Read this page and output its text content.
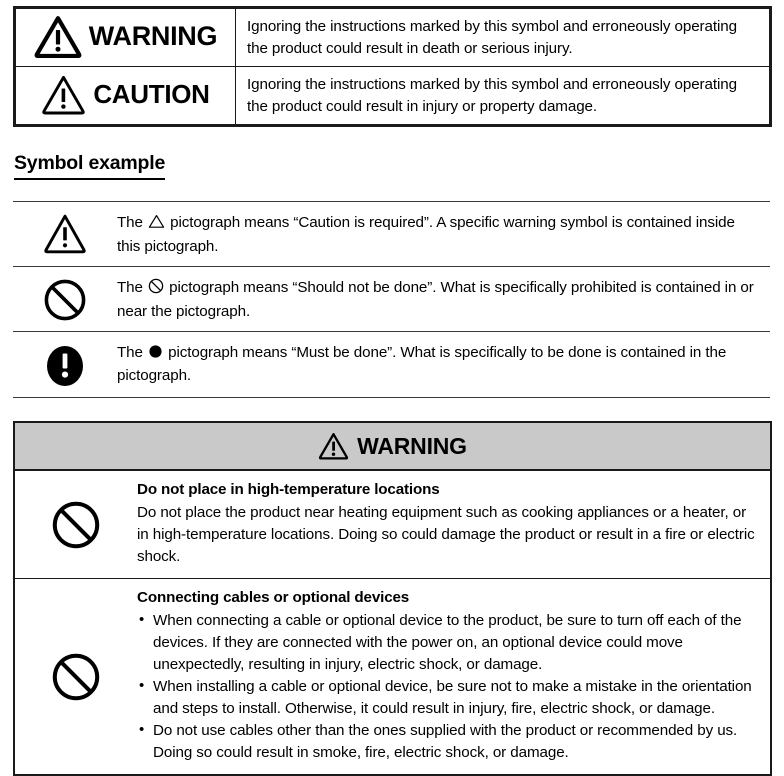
WARNING	Ignoring the instructions marked by this symbol and erroneously operating the product could result in death or serious injury.

CAUTION	Ignoring the instructions marked by this symbol and erroneously operating the product could result in injury or property damage.
Symbol example
The pictograph means “Caution is required”. A specific warning symbol is contained inside this pictograph.
The pictograph means “Should not be done”. What is specifically prohibited is contained in or near the pictograph.
The pictograph means “Must be done”. What is specifically to be done is contained in the pictograph.
WARNING
Do not place in high-temperature locations

Do not place the product near heating equipment such as cooking appliances or a heater, or in high-temperature locations. Doing so could damage the product or result in a fire or electric shock.

Connecting cables or optional devices
• When connecting a cable or optional device to the product, be sure to turn off each of the devices. If they are connected with the power on, an optional device could move unexpectedly, resulting in injury, electric shock, or damage.
• When installing a cable or optional device, be sure not to make a mistake in the orientation and steps to install. Otherwise, it could result in injury, fire, electric shock, or damage.
• Do not use cables other than the ones supplied with the product or recommended by us. Doing so could result in smoke, fire, electric shock, or damage.
